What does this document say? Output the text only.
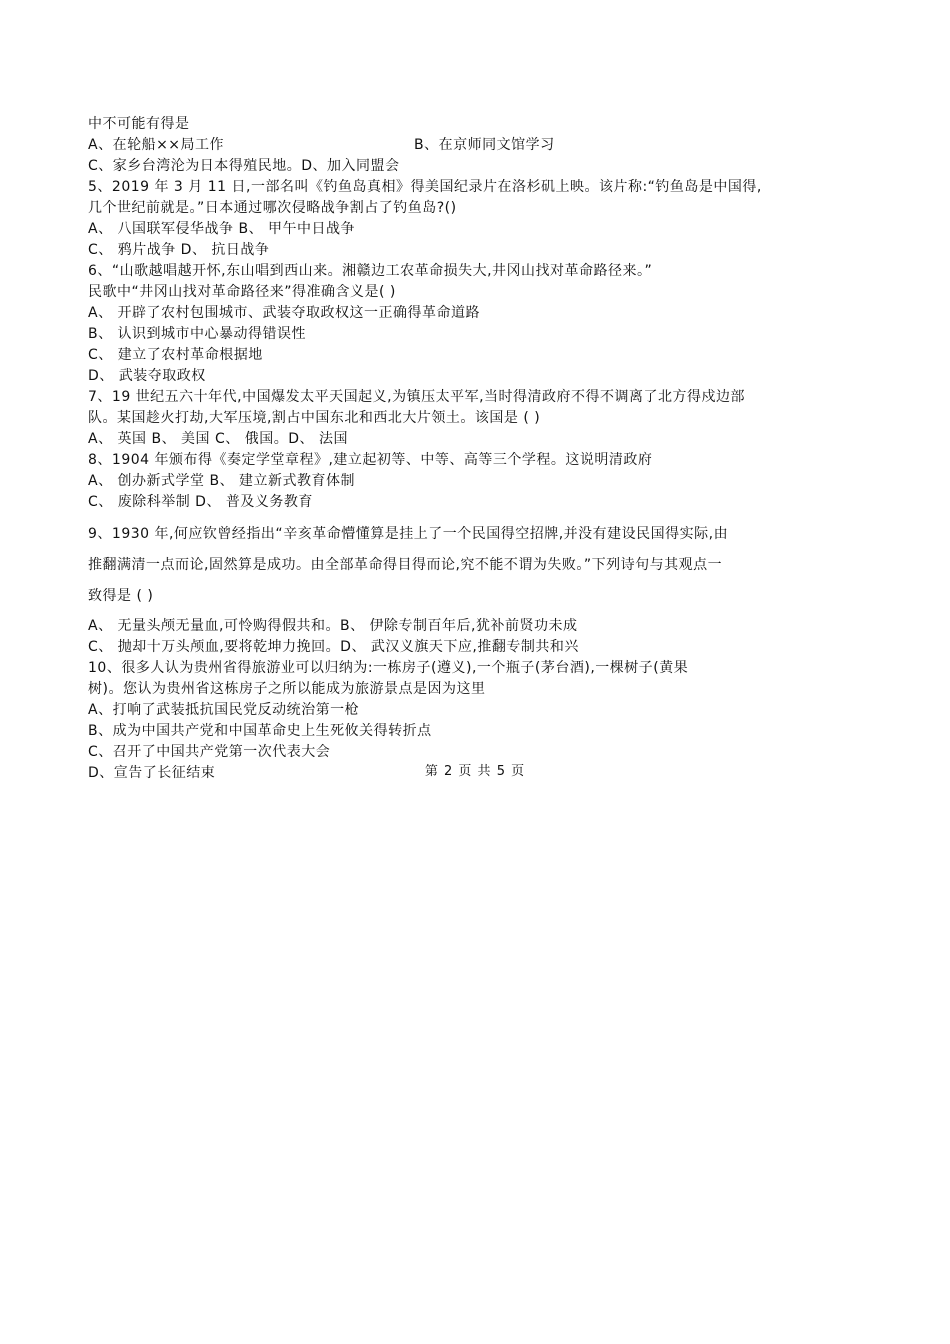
中不可能有得是
A、在轮船××局工作	B、在京师同文馆学习
C、家乡台湾沦为日本得殖民地。D、加入同盟会
5、2019 年 3 月 11 日,一部名叫《钓鱼岛真相》得美国纪录片在洛杉矶上映。该片称:“钓鱼岛是中国得,
几个世纪前就是。”日本通过哪次侵略战争割占了钓鱼岛?()
A、 八国联军侵华战争 B、 甲午中日战争
C、 鸦片战争 D、 抗日战争
6、“山歌越唱越开怀,东山唱到西山来。湘赣边工农革命损失大,井冈山找对革命路径来。”
民歌中“井冈山找对革命路径来”得准确含义是( )
A、 开辟了农村包围城市、武装夺取政权这一正确得革命道路
B、 认识到城市中心暴动得错误性
C、 建立了农村革命根据地
D、 武装夺取政权
7、19 世纪五六十年代,中国爆发太平天国起义,为镇压太平军,当时得清政府不得不调离了北方得戍边部
队。某国趁火打劫,大军压境,割占中国东北和西北大片领土。该国是 ( )
A、 英国 B、 美国 C、 俄国。D、 法国
8、1904 年颁布得《奏定学堂章程》,建立起初等、中等、高等三个学程。这说明清政府
A、 创办新式学堂 B、 建立新式教育体制
C、 废除科举制 D、 普及义务教育
9、1930 年,何应钦曾经指出“辛亥革命懵懂算是挂上了一个民国得空招牌,并没有建设民国得实际,由
推翻满清一点而论,固然算是成功。由全部革命得目得而论,究不能不谓为失败。”下列诗句与其观点一
致得是 ( )
A、 无量头颅无量血,可怜购得假共和。B、 伊除专制百年后,犹补前贤功未成
C、 抛却十万头颅血,要将乾坤力挽回。D、 武汉义旗天下应,推翻专制共和兴
10、很多人认为贵州省得旅游业可以归纳为:一栋房子(遵义),一个瓶子(茅台酒),一棵树子(黄果
树)。您认为贵州省这栋房子之所以能成为旅游景点是因为这里
A、打响了武装抵抗国民党反动统治第一枪
B、成为中国共产党和中国革命史上生死攸关得转折点
C、召开了中国共产党第一次代表大会
D、宣告了长征结束	第 2 页 共 5 页
